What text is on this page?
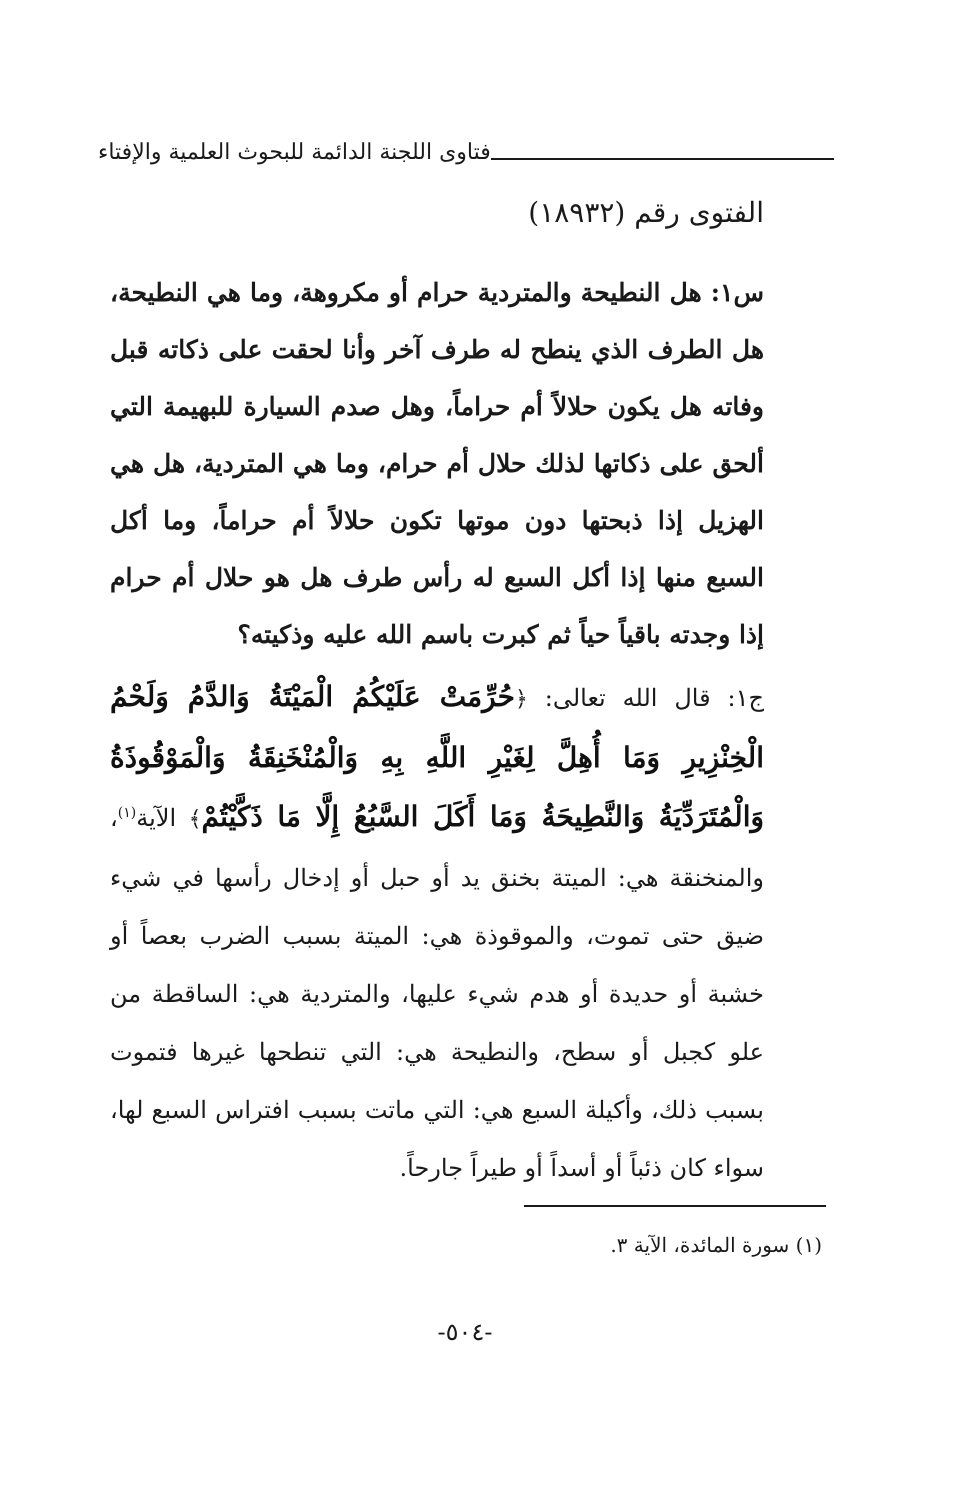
فتاوى اللجنة الدائمة للبحوث العلمية والإفتاء
الفتوى رقم (١٨٩٣٢)
س١: هل النطيحة والمتردية حرام أو مكروهة، وما هي النطيحة، هل الطرف الذي ينطح له طرف آخر وأنا لحقت على ذكاته قبل وفاته هل يكون حلالاً أم حراماً، وهل صدم السيارة للبهيمة التي ألحق على ذكاتها لذلك حلال أم حرام، وما هي المتردية، هل هي الهزيل إذا ذبحتها دون موتها تكون حلالاً أم حراماً، وما أكل السبع منها إذا أكل السبع له رأس طرف هل هو حلال أم حرام إذا وجدته باقياً حياً ثم كبرت باسم الله عليه وذكيته؟
ج١: قال الله تعالى: ﴿حُرِّمَتْ عَلَيْكُمُ الْمَيْتَةُ وَالدَّمُ وَلَحْمُ الْخِنْزِيرِ وَمَا أُهِلَّ لِغَيْرِ اللَّهِ بِهِ وَالْمُنْخَنِقَةُ وَالْمَوْقُوذَةُ وَالْمُتَرَدِّيَةُ وَالنَّطِيحَةُ وَمَا أَكَلَ السَّبُعُ إِلَّا مَا ذَكَّيْتُمْ﴾ الآية$^{(١)}$، والمنخنقة هي: الميتة بخنق يد أو حبل أو إدخال رأسها في شيء ضيق حتى تموت، والموقوذة هي: الميتة بسبب الضرب بعصاً أو خشبة أو حديدة أو هدم شيء عليها، والمتردية هي: الساقطة من علو كجبل أو سطح، والنطيحة هي: التي تنطحها غيرها فتموت بسبب ذلك، وأكيلة السبع هي: التي ماتت بسبب افتراس السبع لها، سواء كان ذئباً أو أسداً أو طيراً جارحاً.
(١) سورة المائدة، الآية ٣.
-٥٠٤-
